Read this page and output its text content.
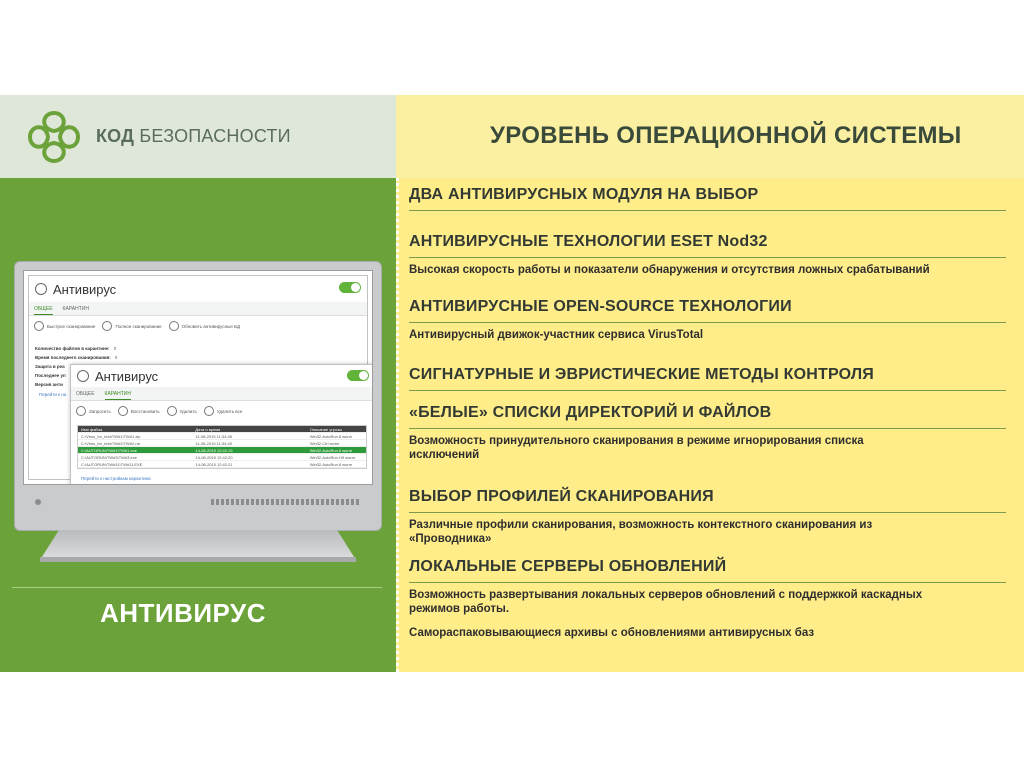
КОД БЕЗОПАСНОСТИ
Антивирус
ОБЩЕЕ КАРАНТИН
Быстрое сканирование	Полное сканирование	Обновить антивирусные БД
Количество файлов в карантине: 0
Время последнего сканирования: 0
Защита в реа
Последнее уп
Версия анти
Перейти к на
Антивирус
ОБЩЕЕ КАРАНТИН
Запросить	Восстановить	Удалить	Удалить все
Имя файла	Дата и время	Описание угрозы
C:\Virus_for_test\TW#1\TW#1.zip	11-08-2015 11:34:45	Win32.AutoRun.6 worm
C:\Virus_for_test\TW#2\TW#2.rar	11-08-2015 11:34:45	Win32.Ctrl worm
C:\AUTORUN\TW#1\TW#1.exe	14-08-2015 12:42:15	Win32.AutoRun.6 worm
C:\AUTORUN\TW#3\TW#3.exe	14-08-2015 12:42:20	Win32.AutoRun.H9 worm
C:\AUTORUN\TW#11\TW#11.EXE	14-08-2015 12:42:21	Win32.AutoRun.8 worm
Перейти к настройкам карантина
АНТИВИРУС
УРОВЕНЬ ОПЕРАЦИОННОЙ СИСТЕМЫ
ДВА АНТИВИРУСНЫХ МОДУЛЯ НА ВЫБОР
АНТИВИРУСНЫЕ ТЕХНОЛОГИИ ESET Nod32
Высокая скорость работы и показатели обнаружения и отсутствия ложных срабатываний
АНТИВИРУСНЫЕ OPEN-SOURCE ТЕХНОЛОГИИ
Антивирусный движок-участник сервиса VirusTotal
СИГНАТУРНЫЕ И ЭВРИСТИЧЕСКИЕ МЕТОДЫ КОНТРОЛЯ
«БЕЛЫЕ» СПИСКИ ДИРЕКТОРИЙ И ФАЙЛОВ
Возможность принудительного сканирования в режиме игнорирования списка исключений
ВЫБОР ПРОФИЛЕЙ СКАНИРОВАНИЯ
Различные профили сканирования, возможность контекстного сканирования из «Проводника»
ЛОКАЛЬНЫЕ СЕРВЕРЫ ОБНОВЛЕНИЙ
Возможность развертывания локальных серверов обновлений с поддержкой каскадных режимов работы.
Самораспаковывающиеся архивы с обновлениями антивирусных баз
